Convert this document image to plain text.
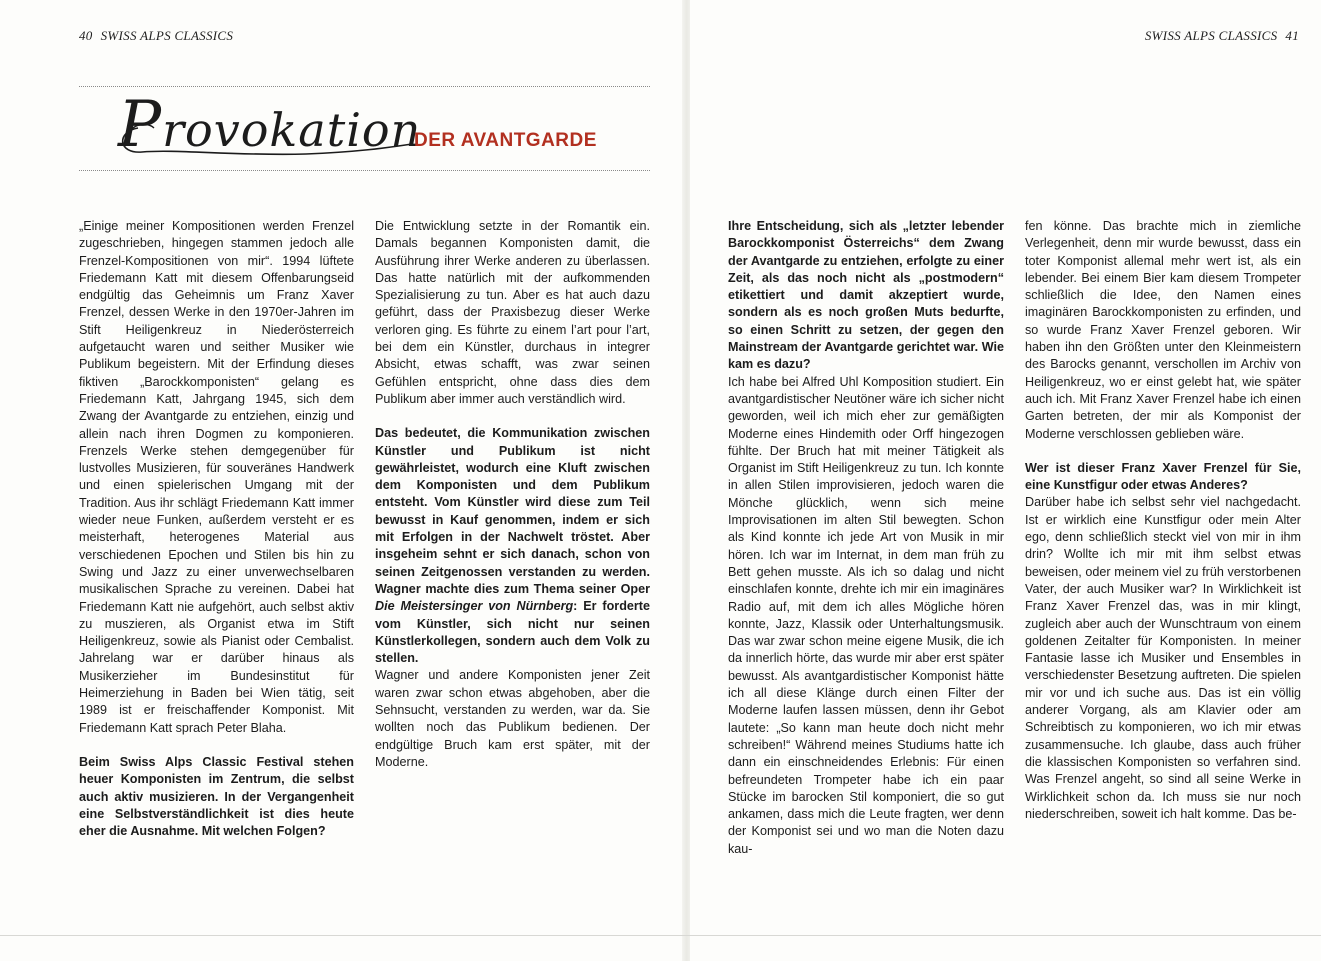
40 SWISS ALPS CLASSICS
Provokation
DER AVANTGARDE

„Einige meiner Kompositionen werden Frenzel zugeschrieben, hingegen stammen jedoch alle Frenzel-Kompositionen von mir“. 1994 lüftete Friedemann Katt mit diesem Offenbarungseid endgültig das Geheimnis um Franz Xaver Frenzel, dessen Werke in den 1970er-Jahren im Stift Heiligenkreuz in Niederösterreich aufgetaucht waren und seither Musiker wie Publikum begeistern. Mit der Erfindung dieses fiktiven „Barockkomponisten“ gelang es Friedemann Katt, Jahrgang 1945, sich dem Zwang der Avantgarde zu entziehen, einzig und allein nach ihren Dogmen zu komponieren. Frenzels Werke stehen demgegenüber für lustvolles Musizieren, für souveränes Handwerk und einen spielerischen Umgang mit der Tradition. Aus ihr schlägt Friedemann Katt immer wieder neue Funken, außerdem versteht er es meisterhaft, heterogenes Material aus verschiedenen Epochen und Stilen bis hin zu Swing und Jazz zu einer unverwechselbaren musikalischen Sprache zu vereinen. Dabei hat Friedemann Katt nie aufgehört, auch selbst aktiv zu muszieren, als Organist etwa im Stift Heiligenkreuz, sowie als Pianist oder Cembalist. Jahrelang war er darüber hinaus als Musikerzieher im Bundesinstitut für Heimerziehung in Baden bei Wien tätig, seit 1989 ist er freischaffender Komponist. Mit Friedemann Katt sprach Peter Blaha.

Beim Swiss Alps Classic Festival stehen heuer Komponisten im Zentrum, die selbst auch aktiv musizieren. In der Vergangenheit eine Selbstverständlichkeit ist dies heute eher die Ausnahme. Mit welchen Folgen?

Die Entwicklung setzte in der Romantik ein. Damals begannen Komponisten damit, die Ausführung ihrer Werke anderen zu überlassen. Das hatte natürlich mit der aufkommenden Spezialisierung zu tun. Aber es hat auch dazu geführt, dass der Praxisbezug dieser Werke verloren ging. Es führte zu einem l’art pour l’art, bei dem ein Künstler, durchaus in integrer Absicht, etwas schafft, was zwar seinen Gefühlen entspricht, ohne dass dies dem Publikum aber immer auch verständlich wird.

Das bedeutet, die Kommunikation zwischen Künstler und Publikum ist nicht gewährleistet, wodurch eine Kluft zwischen dem Komponisten und dem Publikum entsteht. Vom Künstler wird diese zum Teil bewusst in Kauf genommen, indem er sich mit Erfolgen in der Nachwelt tröstet. Aber insgeheim sehnt er sich danach, schon von seinen Zeitgenossen verstanden zu werden. Wagner machte dies zum Thema seiner Oper Die Meistersinger von Nürnberg: Er forderte vom Künstler, sich nicht nur seinen Künstlerkollegen, sondern auch dem Volk zu stellen.

Wagner und andere Komponisten jener Zeit waren zwar schon etwas abgehoben, aber die Sehnsucht, verstanden zu werden, war da. Sie wollten noch das Publikum bedienen. Der endgültige Bruch kam erst später, mit der Moderne.

SWISS ALPS CLASSICS 41

Ihre Entscheidung, sich als „letzter lebender Barockkomponist Österreichs“ dem Zwang der Avantgarde zu entziehen, erfolgte zu einer Zeit, als das noch nicht als „postmodern“ etikettiert und damit akzeptiert wurde, sondern als es noch großen Muts bedurfte, so einen Schritt zu setzen, der gegen den Mainstream der Avantgarde gerichtet war. Wie kam es dazu?

Ich habe bei Alfred Uhl Komposition studiert. Ein avantgardistischer Neutöner wäre ich sicher nicht geworden, weil ich mich eher zur gemäßigten Moderne eines Hindemith oder Orff hingezogen fühlte. Der Bruch hat mit meiner Tätigkeit als Organist im Stift Heiligenkreuz zu tun. Ich konnte in allen Stilen improvisieren, jedoch waren die Mönche glücklich, wenn sich meine Improvisationen im alten Stil bewegten. Schon als Kind konnte ich jede Art von Musik in mir hören. Ich war im Internat, in dem man früh zu Bett gehen musste. Als ich so dalag und nicht einschlafen konnte, drehte ich mir ein imaginäres Radio auf, mit dem ich alles Mögliche hören konnte, Jazz, Klassik oder Unterhaltungsmusik. Das war zwar schon meine eigene Musik, die ich da innerlich hörte, das wurde mir aber erst später bewusst. Als avantgardistischer Komponist hätte ich all diese Klänge durch einen Filter der Moderne laufen lassen müssen, denn ihr Gebot lautete: „So kann man heute doch nicht mehr schreiben!“ Während meines Studiums hatte ich dann ein einschneidendes Erlebnis: Für einen befreundeten Trompeter habe ich ein paar Stücke im barocken Stil komponiert, die so gut ankamen, dass mich die Leute fragten, wer denn der Komponist sei und wo man die Noten dazu kau-

fen könne. Das brachte mich in ziemliche Verlegenheit, denn mir wurde bewusst, dass ein toter Komponist allemal mehr wert ist, als ein lebender. Bei einem Bier kam diesem Trompeter schließlich die Idee, den Namen eines imaginären Barockkomponisten zu erfinden, und so wurde Franz Xaver Frenzel geboren. Wir haben ihn den Größten unter den Kleinmeistern des Barocks genannt, verschollen im Archiv von Heiligenkreuz, wo er einst gelebt hat, wie später auch ich. Mit Franz Xaver Frenzel habe ich einen Garten betreten, der mir als Komponist der Moderne verschlossen geblieben wäre.

Wer ist dieser Franz Xaver Frenzel für Sie, eine Kunstfigur oder etwas Anderes?

Darüber habe ich selbst sehr viel nachgedacht. Ist er wirklich eine Kunstfigur oder mein Alter ego, denn schließlich steckt viel von mir in ihm drin? Wollte ich mir mit ihm selbst etwas beweisen, oder meinem viel zu früh verstorbenen Vater, der auch Musiker war? In Wirklichkeit ist Franz Xaver Frenzel das, was in mir klingt, zugleich aber auch der Wunschtraum von einem goldenen Zeitalter für Komponisten. In meiner Fantasie lasse ich Musiker und Ensembles in verschiedenster Besetzung auftreten. Die spielen mir vor und ich suche aus. Das ist ein völlig anderer Vorgang, als am Klavier oder am Schreibtisch zu komponieren, wo ich mir etwas zusammensuche. Ich glaube, dass auch früher die klassischen Komponisten so verfahren sind. Was Frenzel angeht, so sind all seine Werke in Wirklichkeit schon da. Ich muss sie nur noch niederschreiben, soweit ich halt komme. Das be-
